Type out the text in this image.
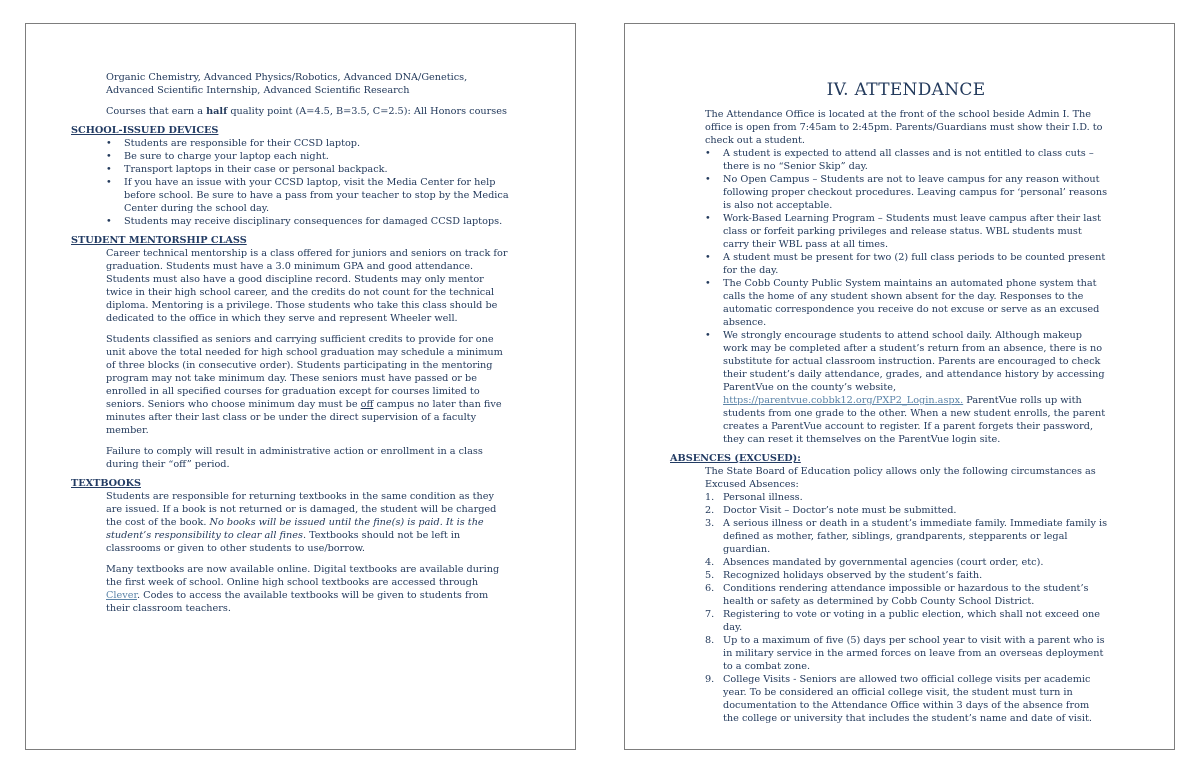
Organic Chemistry, Advanced Physics/Robotics, Advanced DNA/Genetics, Advanced Scientific Internship, Advanced Scientific Research

Courses that earn a half quality point (A=4.5, B=3.5, C=2.5): All Honors courses

SCHOOL-ISSUED DEVICES

• Students are responsible for their CCSD laptop.
• Be sure to charge your laptop each night.
• Transport laptops in their case or personal backpack.
• If you have an issue with your CCSD laptop, visit the Media Center for help before school. Be sure to have a pass from your teacher to stop by the Medica Center during the school day.
• Students may receive disciplinary consequences for damaged CCSD laptops.

STUDENT MENTORSHIP CLASS

Career technical mentorship is a class offered for juniors and seniors on track for graduation. Students must have a 3.0 minimum GPA and good attendance. Students must also have a good discipline record. Students may only mentor twice in their high school career, and the credits do not count for the technical diploma. Mentoring is a privilege. Those students who take this class should be dedicated to the office in which they serve and represent Wheeler well.

Students classified as seniors and carrying sufficient credits to provide for one unit above the total needed for high school graduation may schedule a minimum of three blocks (in consecutive order). Students participating in the mentoring program may not take minimum day. These seniors must have passed or be enrolled in all specified courses for graduation except for courses limited to seniors. Seniors who choose minimum day must be off campus no later than five minutes after their last class or be under the direct supervision of a faculty member.

Failure to comply will result in administrative action or enrollment in a class during their “off” period.

TEXTBOOKS

Students are responsible for returning textbooks in the same condition as they are issued. If a book is not returned or is damaged, the student will be charged the cost of the book. No books will be issued until the fine(s) is paid. It is the student’s responsibility to clear all fines. Textbooks should not be left in classrooms or given to other students to use/borrow.

Many textbooks are now available online. Digital textbooks are available during the first week of school. Online high school textbooks are accessed through Clever. Codes to access the available textbooks will be given to students from their classroom teachers.

IV. ATTENDANCE

The Attendance Office is located at the front of the school beside Admin I. The office is open from 7:45am to 2:45pm. Parents/Guardians must show their I.D. to check out a student.

• A student is expected to attend all classes and is not entitled to class cuts – there is no “Senior Skip” day.
• No Open Campus – Students are not to leave campus for any reason without following proper checkout procedures. Leaving campus for ‘personal’ reasons is also not acceptable.
• Work-Based Learning Program – Students must leave campus after their last class or forfeit parking privileges and release status. WBL students must carry their WBL pass at all times.
• A student must be present for two (2) full class periods to be counted present for the day.
• The Cobb County Public System maintains an automated phone system that calls the home of any student shown absent for the day. Responses to the automatic correspondence you receive do not excuse or serve as an excused absence.
• We strongly encourage students to attend school daily. Although makeup work may be completed after a student’s return from an absence, there is no substitute for actual classroom instruction. Parents are encouraged to check their student’s daily attendance, grades, and attendance history by accessing ParentVue on the county’s website, https://parentvue.cobbk12.org/PXP2_Login.aspx. ParentVue rolls up with students from one grade to the other. When a new student enrolls, the parent creates a ParentVue account to register. If a parent forgets their password, they can reset it themselves on the ParentVue login site.

ABSENCES (EXCUSED):

The State Board of Education policy allows only the following circumstances as Excused Absences:

1. Personal illness.
2. Doctor Visit – Doctor’s note must be submitted.
3. A serious illness or death in a student’s immediate family. Immediate family is defined as mother, father, siblings, grandparents, stepparents or legal guardian.
4. Absences mandated by governmental agencies (court order, etc).
5. Recognized holidays observed by the student’s faith.
6. Conditions rendering attendance impossible or hazardous to the student’s health or safety as determined by Cobb County School District.
7. Registering to vote or voting in a public election, which shall not exceed one day.
8. Up to a maximum of five (5) days per school year to visit with a parent who is in military service in the armed forces on leave from an overseas deployment to a combat zone.
9. College Visits - Seniors are allowed two official college visits per academic year. To be considered an official college visit, the student must turn in documentation to the Attendance Office within 3 days of the absence from the college or university that includes the student’s name and date of visit.
